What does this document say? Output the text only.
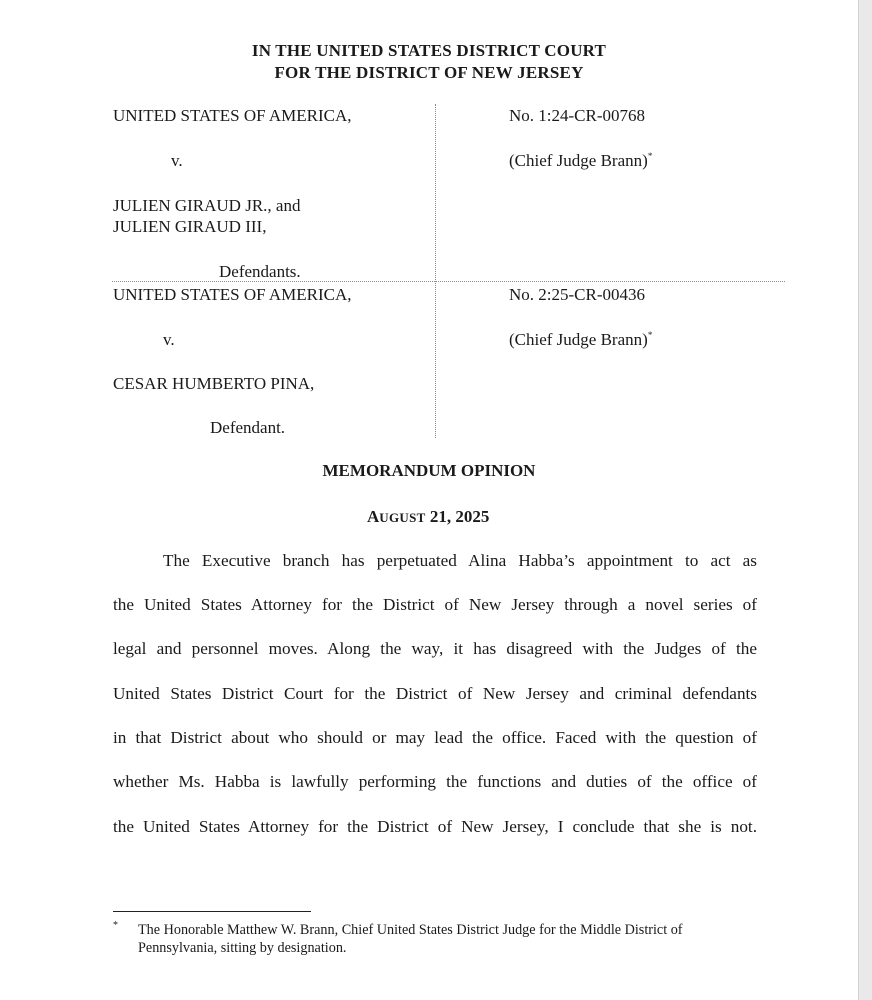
IN THE UNITED STATES DISTRICT COURT
FOR THE DISTRICT OF NEW JERSEY
UNITED STATES OF AMERICA,
v.
JULIEN GIRAUD JR., and
JULIEN GIRAUD III,
Defendants.
No. 1:24-CR-00768
(Chief Judge Brann)*
UNITED STATES OF AMERICA,
v.
CESAR HUMBERTO PINA,
Defendant.
No. 2:25-CR-00436
(Chief Judge Brann)*
MEMORANDUM OPINION
AUGUST 21, 2025
The Executive branch has perpetuated Alina Habba’s appointment to act as
the United States Attorney for the District of New Jersey through a novel series of
legal and personnel moves. Along the way, it has disagreed with the Judges of the
United States District Court for the District of New Jersey and criminal defendants
in that District about who should or may lead the office. Faced with the question of
whether Ms. Habba is lawfully performing the functions and duties of the office of
the United States Attorney for the District of New Jersey, I conclude that she is not.
* The Honorable Matthew W. Brann, Chief United States District Judge for the Middle District of Pennsylvania, sitting by designation.
